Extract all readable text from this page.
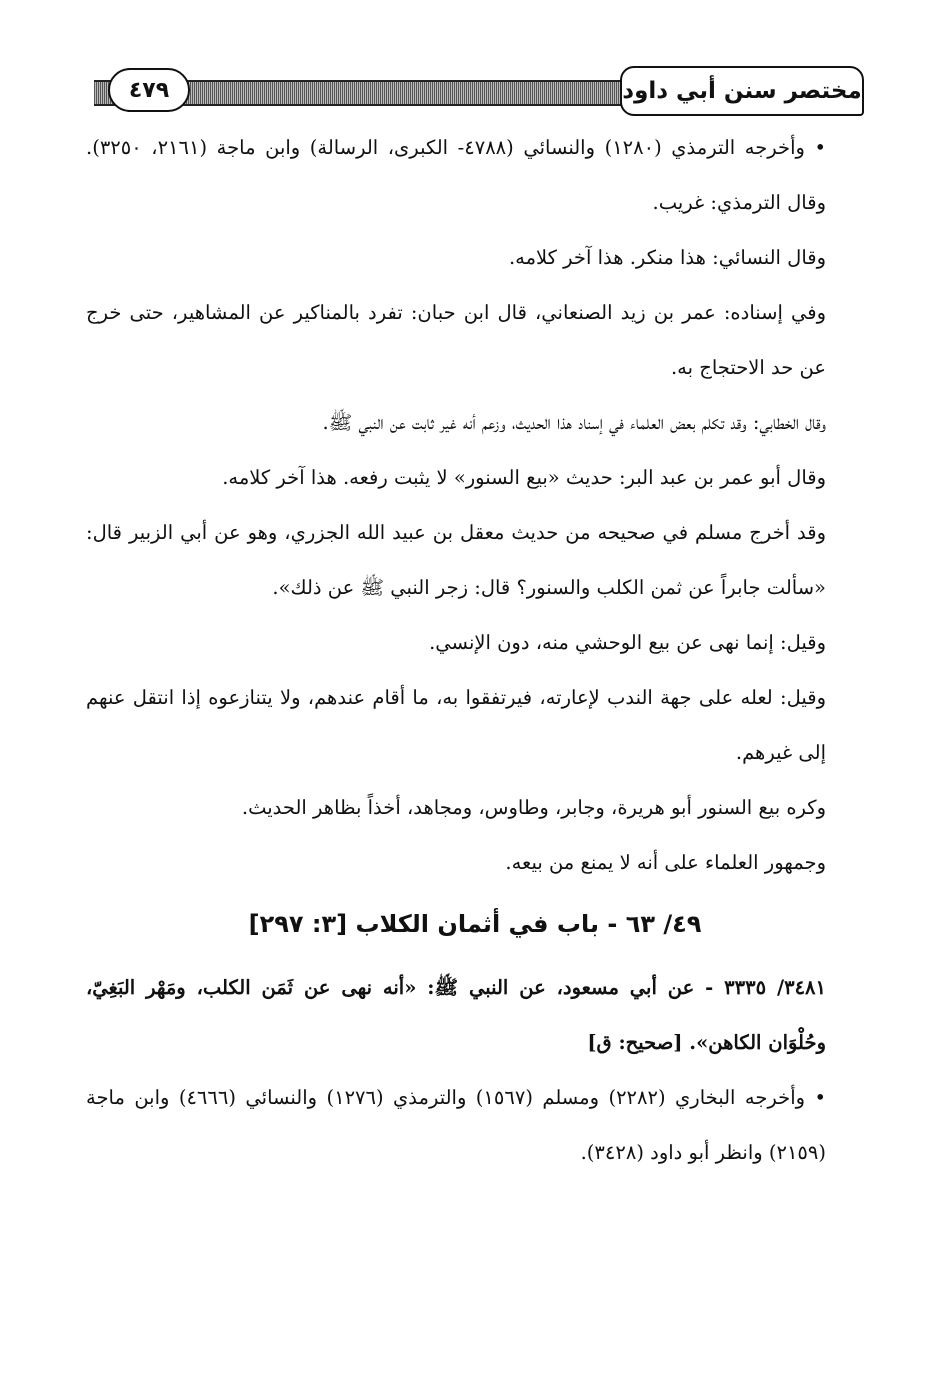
٤٧٩	مختصر سنن أبي داود

• وأخرجه الترمذي (١٢٨٠) والنسائي (٤٧٨٨- الكبرى، الرسالة) وابن ماجة (٢١٦١، ٣٢٥٠). وقال الترمذي: غريب.

وقال النسائي: هذا منكر. هذا آخر كلامه.

وفي إسناده: عمر بن زيد الصنعاني، قال ابن حبان: تفرد بالمناكير عن المشاهير، حتى خرج عن حد الاحتجاج به.

وقال الخطابي: وقد تكلم بعض العلماء في إسناد هذا الحديث، وزعم أنه غير ثابت عن النبي ﷺ.

وقال أبو عمر بن عبد البر: حديث «بيع السنور» لا يثبت رفعه. هذا آخر كلامه.

وقد أخرج مسلم في صحيحه من حديث معقل بن عبيد الله الجزري، وهو عن أبي الزبير قال: «سألت جابراً عن ثمن الكلب والسنور؟ قال: زجر النبي ﷺ عن ذلك».

وقيل: إنما نهى عن بيع الوحشي منه، دون الإنسي.

وقيل: لعله على جهة الندب لإعارته، فيرتفقوا به، ما أقام عندهم، ولا يتنازعوه إذا انتقل عنهم إلى غيرهم.

وكره بيع السنور أبو هريرة، وجابر، وطاوس، ومجاهد، أخذاً بظاهر الحديث.

وجمهور العلماء على أنه لا يمنع من بيعه.

٤٩/ ٦٣ - باب في أثمان الكلاب [٣: ٢٩٧]

٣٤٨١/ ٣٣٣٥ - عن أبي مسعود، عن النبي ﷺ: «أنه نهى عن ثَمَن الكلب، ومَهْر البَغِيّ، وحُلْوَان الكاهن». [صحيح: ق]

• وأخرجه البخاري (٢٢٨٢) ومسلم (١٥٦٧) والترمذي (١٢٧٦) والنسائي (٤٦٦٦) وابن ماجة (٢١٥٩) وانظر أبو داود (٣٤٢٨).
